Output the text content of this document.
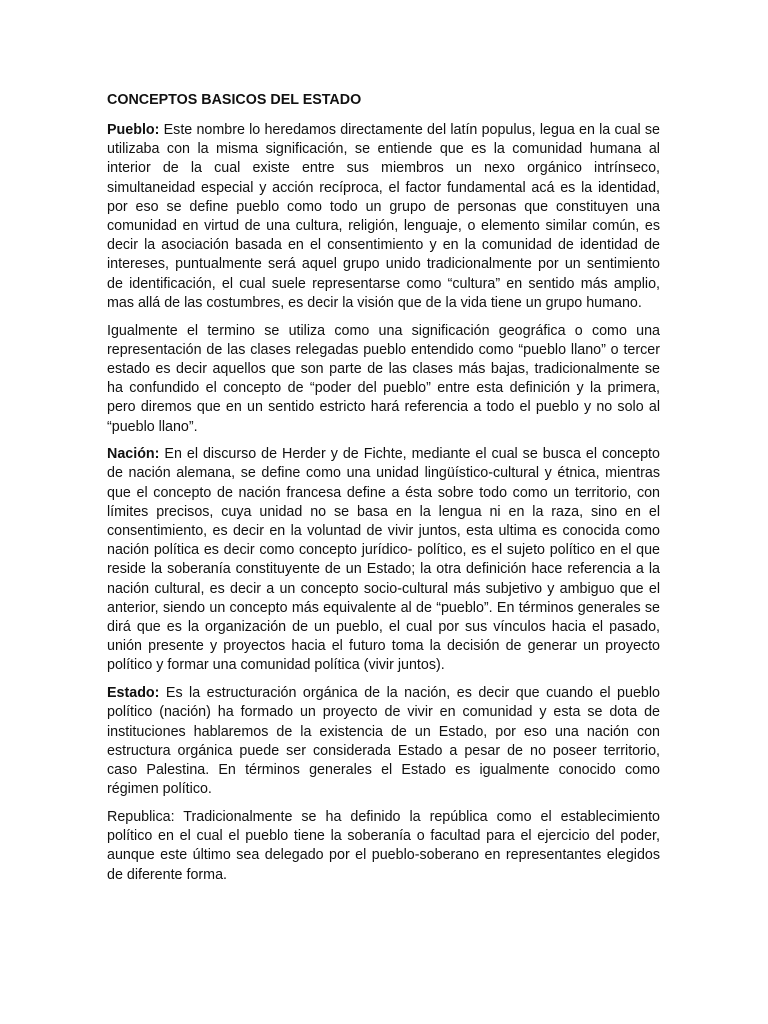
CONCEPTOS BASICOS DEL ESTADO

Pueblo: Este nombre lo heredamos directamente del latín populus, legua en la cual se utilizaba con la misma significación, se entiende que es la comunidad humana al interior de la cual existe entre sus miembros un nexo orgánico intrínseco, simultaneidad especial y acción recíproca, el factor fundamental acá es la identidad, por eso se define pueblo como todo un grupo de personas que constituyen una comunidad en virtud de una cultura, religión, lenguaje, o elemento similar común, es decir la asociación basada en el consentimiento y en la comunidad de identidad de intereses, puntualmente será aquel grupo unido tradicionalmente por un sentimiento de identificación, el cual suele representarse como “cultura” en sentido más amplio, mas allá de las costumbres, es decir la visión que de la vida tiene un grupo humano.

Igualmente el termino se utiliza como una significación geográfica o como una representación de las clases relegadas pueblo entendido como “pueblo llano” o tercer estado es decir aquellos que son parte de las clases más bajas, tradicionalmente se ha confundido el concepto de “poder del pueblo” entre esta definición y la primera, pero diremos que en un sentido estricto hará referencia a todo el pueblo y no solo al “pueblo llano”.

Nación: En el discurso de Herder y de Fichte, mediante el cual se busca el concepto de nación alemana, se define como una unidad lingüístico-cultural y étnica, mientras que el concepto de nación francesa define a ésta sobre todo como un territorio, con límites precisos, cuya unidad no se basa en la lengua ni en la raza, sino en el consentimiento, es decir en la voluntad de vivir juntos, esta ultima es conocida como nación política es decir como concepto jurídico- político, es el sujeto político en el que reside la soberanía constituyente de un Estado; la otra definición hace referencia a la nación cultural, es decir a un concepto socio-cultural más subjetivo y ambiguo que el anterior, siendo un concepto más equivalente al de “pueblo”. En términos generales se dirá que es la organización de un pueblo, el cual por sus vínculos hacia el pasado, unión presente y proyectos hacia el futuro toma la decisión de generar un proyecto político y formar una comunidad política (vivir juntos).

Estado: Es la estructuración orgánica de la nación, es decir que cuando el pueblo político (nación) ha formado un proyecto de vivir en comunidad y esta se dota de instituciones hablaremos de la existencia de un Estado, por eso una nación con estructura orgánica puede ser considerada Estado a pesar de no poseer territorio, caso Palestina. En términos generales el Estado es igualmente conocido como régimen político.

Republica: Tradicionalmente se ha definido la república como el establecimiento político en el cual el pueblo tiene la soberanía o facultad para el ejercicio del poder, aunque este último sea delegado por el pueblo-soberano en representantes elegidos de diferente forma.
